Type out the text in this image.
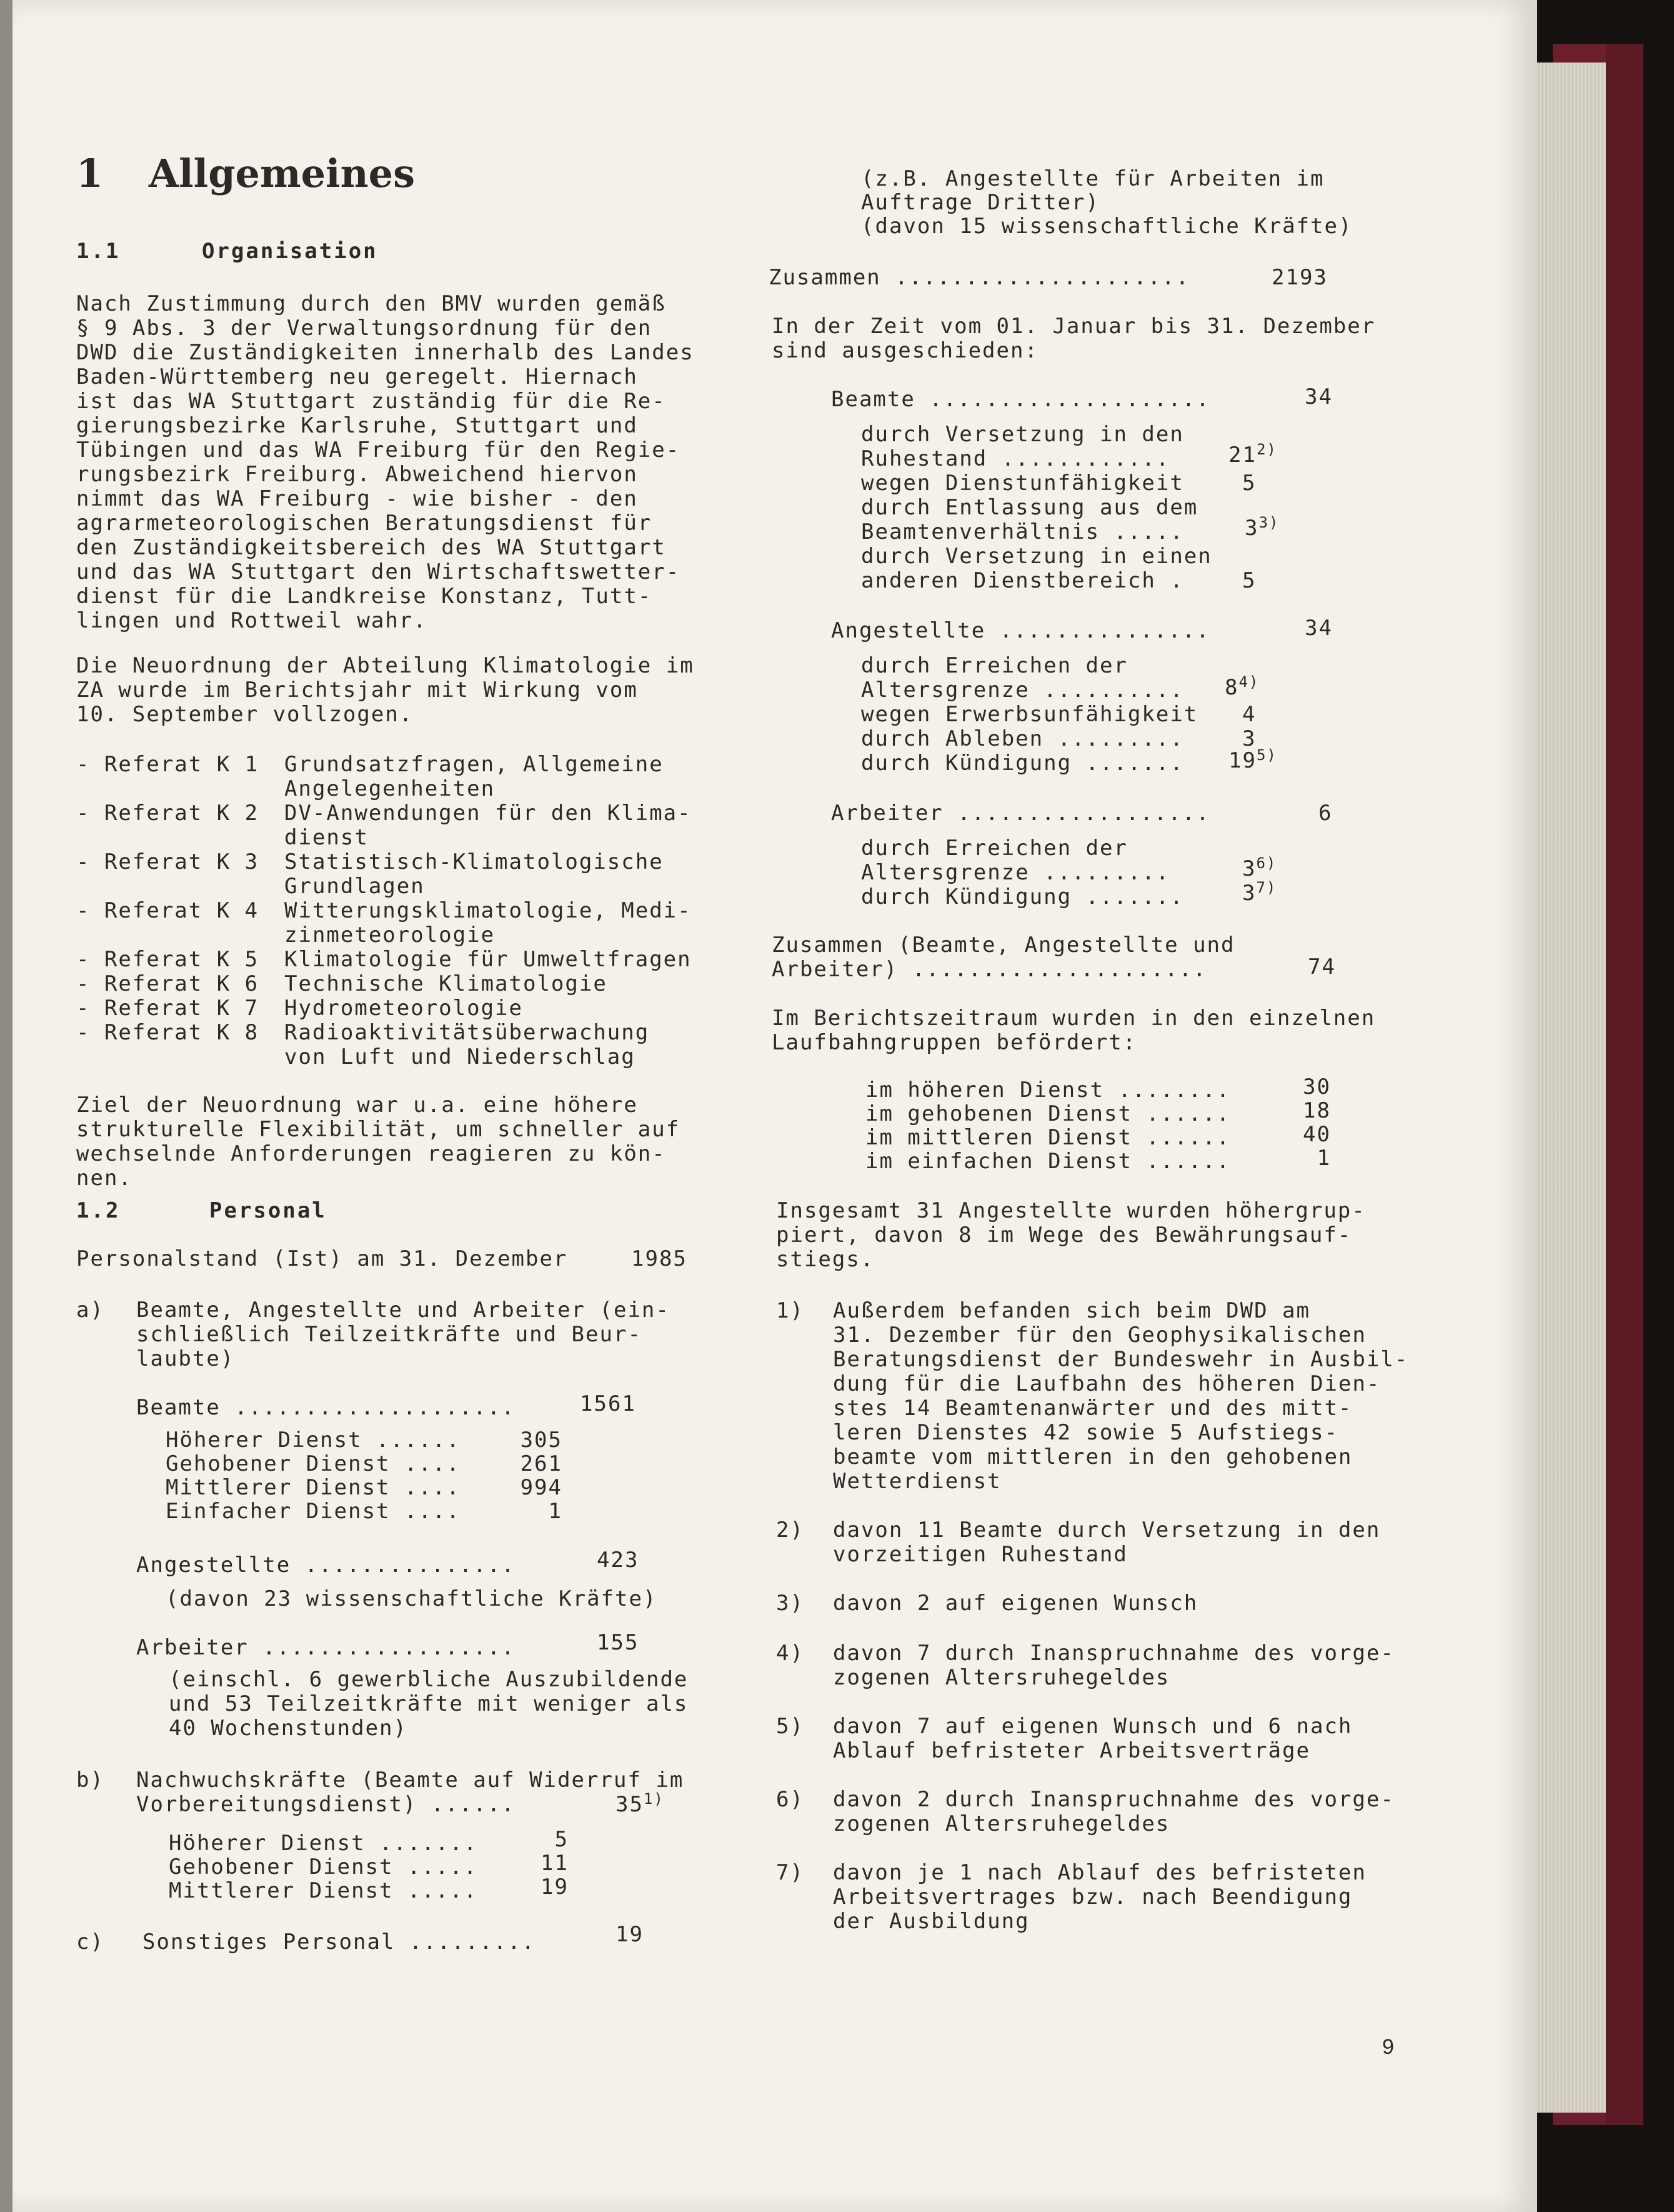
1 Allgemeines
1.1	Organisation
Nach Zustimmung durch den BMV wurden gemäß
§ 9 Abs. 3 der Verwaltungsordnung für den
DWD die Zuständigkeiten innerhalb des Landes
Baden-Württemberg neu geregelt. Hiernach
ist das WA Stuttgart zuständig für die Re-
gierungsbezirke Karlsruhe, Stuttgart und
Tübingen und das WA Freiburg für den Regie-
rungsbezirk Freiburg. Abweichend hiervon
nimmt das WA Freiburg - wie bisher - den
agrarmeteorologischen Beratungsdienst für
den Zuständigkeitsbereich des WA Stuttgart
und das WA Stuttgart den Wirtschaftswetter-
dienst für die Landkreise Konstanz, Tutt-
lingen und Rottweil wahr.
Die Neuordnung der Abteilung Klimatologie im
ZA wurde im Berichtsjahr mit Wirkung vom
10. September vollzogen.
- Referat K 1 Grundsatzfragen, Allgemeine
Angelegenheiten
- Referat K 2 DV-Anwendungen für den Klima-
dienst
- Referat K 3 Statistisch-Klimatologische
Grundlagen
- Referat K 4 Witterungsklimatologie, Medi-
zinmeteorologie
- Referat K 5 Klimatologie für Umweltfragen
- Referat K 6 Technische Klimatologie
- Referat K 7 Hydrometeorologie
- Referat K 8 Radioaktivitätsüberwachung
von Luft und Niederschlag
Ziel der Neuordnung war u.a. eine höhere
strukturelle Flexibilität, um schneller auf
wechselnde Anforderungen reagieren zu kön-
nen.
1.2	Personal
Personalstand (Ist) am 31. Dezember	1985
a) Beamte, Angestellte und Arbeiter (ein-
schließlich Teilzeitkräfte und Beur-
laubte)
Beamte ....................	1561
Höherer Dienst ......	305
Gehobener Dienst ....	261
Mittlerer Dienst ....	994
Einfacher Dienst ....	1
Angestellte ...............	423
(davon 23 wissenschaftliche Kräfte)
Arbeiter ..................	155
(einschl. 6 gewerbliche Auszubildende
und 53 Teilzeitkräfte mit weniger als
40 Wochenstunden)
b) Nachwuchskräfte (Beamte auf Widerruf im
Vorbereitungsdienst) ......	35$^{1)}$
Höherer Dienst .......	5
Gehobener Dienst .....	11
Mittlerer Dienst .....	19
c) Sonstiges Personal .........	19
(z.B. Angestellte für Arbeiten im
Auftrage Dritter)
(davon 15 wissenschaftliche Kräfte)
Zusammen .....................	2193
In der Zeit vom 01. Januar bis 31. Dezember
sind ausgeschieden:
Beamte ....................	34
durch Versetzung in den
Ruhestand ............	21$^{2)}$
wegen Dienstunfähigkeit	5
durch Entlassung aus dem
Beamtenverhältnis .....	3$^{3)}$
durch Versetzung in einen
anderen Dienstbereich .	5
Angestellte ...............	34
durch Erreichen der
Altersgrenze .......... 8$^{4)}$
wegen Erwerbsunfähigkeit 4
durch Ableben .........	3
durch Kündigung ....... 19$^{5)}$
Arbeiter ..................	6
durch Erreichen der
Altersgrenze .........	3$^{6)}$
durch Kündigung .......	3$^{7)}$
Zusammen (Beamte, Angestellte und
Arbeiter) .....................	74
Im Berichtszeitraum wurden in den einzelnen
Laufbahngruppen befördert:
im höheren Dienst ........	30
im gehobenen Dienst ......	18
im mittleren Dienst ......	40
im einfachen Dienst ......	1
Insgesamt 31 Angestellte wurden höhergrup-
piert, davon 8 im Wege des Bewährungsauf-
stiegs.
1) Außerdem befanden sich beim DWD am
31. Dezember für den Geophysikalischen
Beratungsdienst der Bundeswehr in Ausbil-
dung für die Laufbahn des höheren Dien-
stes 14 Beamtenanwärter und des mitt-
leren Dienstes 42 sowie 5 Aufstiegs-
beamte vom mittleren in den gehobenen
Wetterdienst
2) davon 11 Beamte durch Versetzung in den
vorzeitigen Ruhestand
3) davon 2 auf eigenen Wunsch
4) davon 7 durch Inanspruchnahme des vorge-
zogenen Altersruhegeldes
5) davon 7 auf eigenen Wunsch und 6 nach
Ablauf befristeter Arbeitsverträge
6) davon 2 durch Inanspruchnahme des vorge-
zogenen Altersruhegeldes
7) davon je 1 nach Ablauf des befristeten
Arbeitsvertrages bzw. nach Beendigung
der Ausbildung
9
